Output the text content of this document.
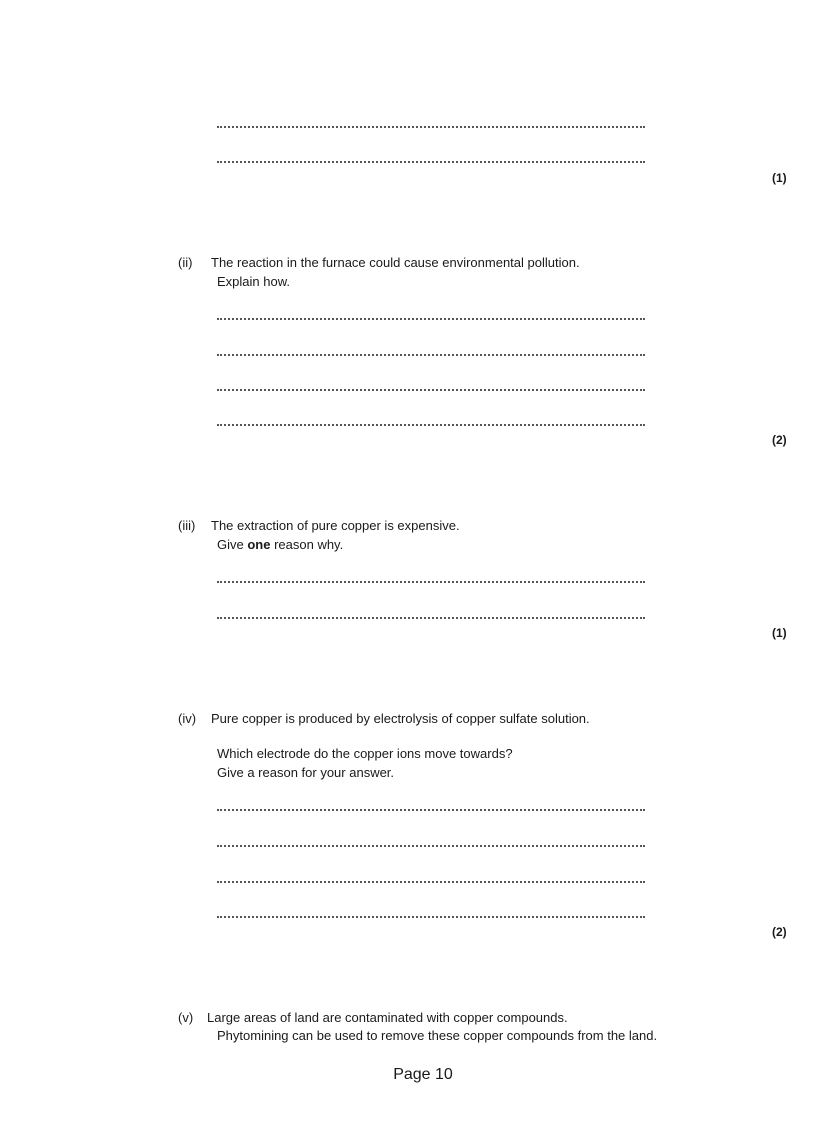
(1)
(ii) The reaction in the furnace could cause environmental pollution.
Explain how.
(2)
(iii) The extraction of pure copper is expensive.
Give one reason why.
(1)
(iv) Pure copper is produced by electrolysis of copper sulfate solution.
Which electrode do the copper ions move towards?
Give a reason for your answer.
(2)
(v) Large areas of land are contaminated with copper compounds.
Phytomining can be used to remove these copper compounds from the land.
Page 10
